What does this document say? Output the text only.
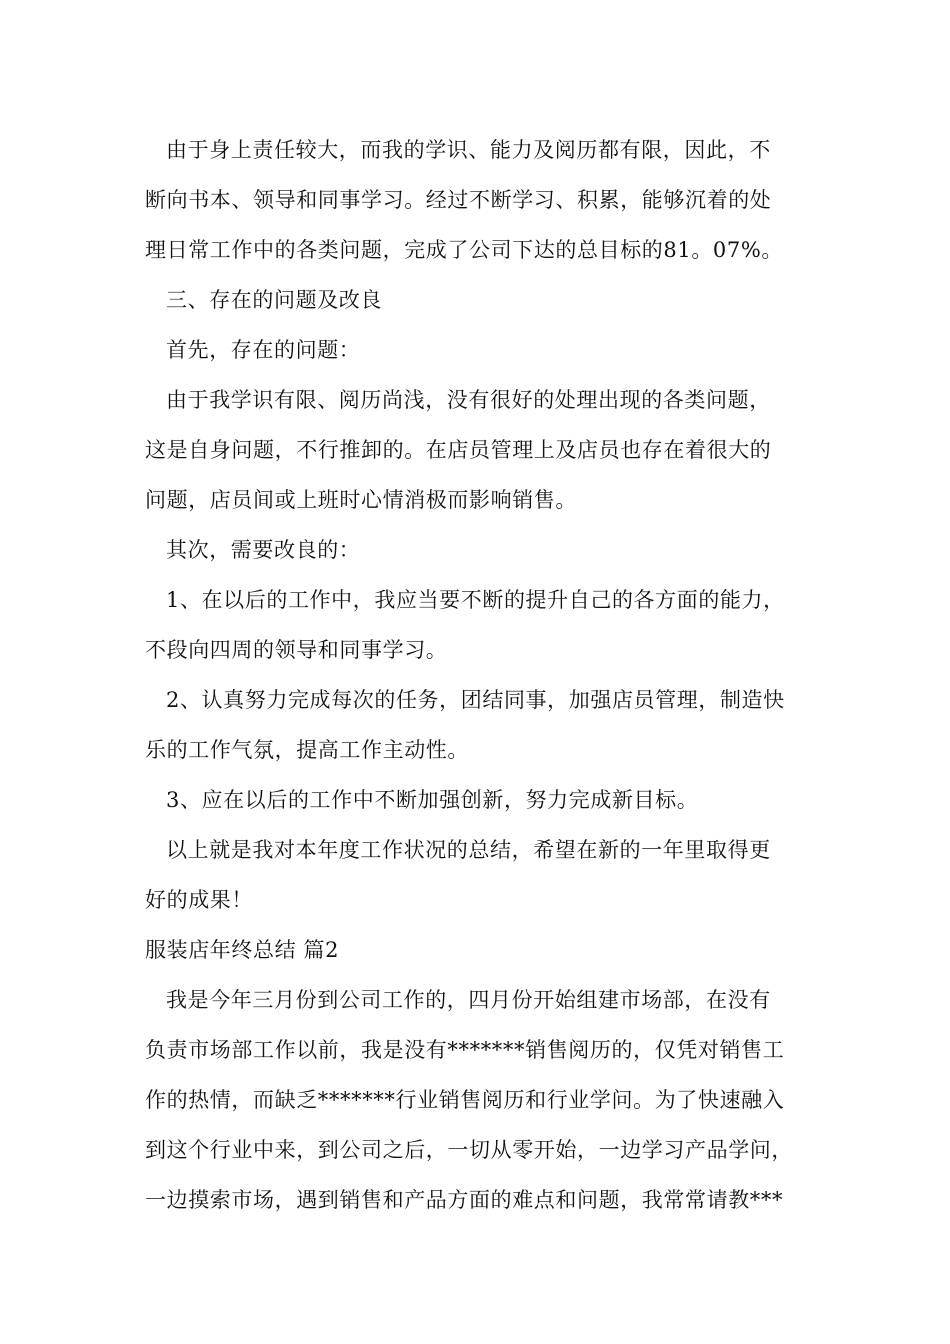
由于身上责任较大，而我的学识、能力及阅历都有限，因此，不
断向书本、领导和同事学习。经过不断学习、积累，能够沉着的处
理日常工作中的各类问题，完成了公司下达的总目标的81。07%。
三、存在的问题及改良
首先，存在的问题：
由于我学识有限、阅历尚浅，没有很好的处理出现的各类问题，
这是自身问题，不行推卸的。在店员管理上及店员也存在着很大的
问题，店员间或上班时心情消极而影响销售。
其次，需要改良的：
1、在以后的工作中，我应当要不断的提升自己的各方面的能力，
不段向四周的领导和同事学习。
2、认真努力完成每次的任务，团结同事，加强店员管理，制造快
乐的工作气氛，提高工作主动性。
3、应在以后的工作中不断加强创新，努力完成新目标。
以上就是我对本年度工作状况的总结，希望在新的一年里取得更
好的成果！
服装店年终总结 篇2
我是今年三月份到公司工作的，四月份开始组建市场部，在没有
负责市场部工作以前，我是没有*******销售阅历的，仅凭对销售工
作的热情，而缺乏*******行业销售阅历和行业学问。为了快速融入
到这个行业中来，到公司之后，一切从零开始，一边学习产品学问，
一边摸索市场，遇到销售和产品方面的难点和问题，我常常请教***
